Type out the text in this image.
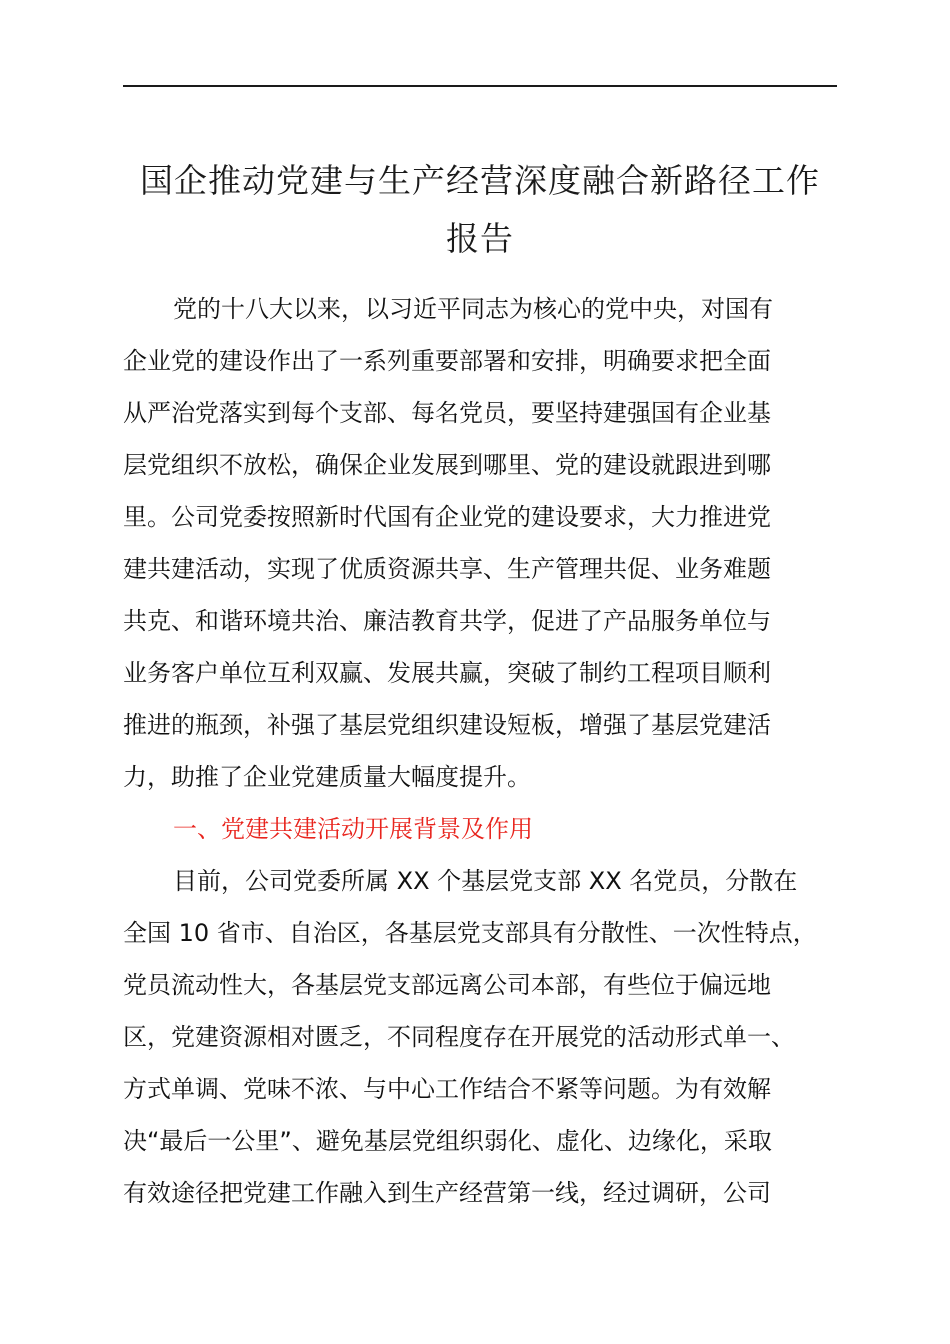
国企推动党建与生产经营深度融合新路径工作
报告
党的十八大以来，以习近平同志为核心的党中央，对国有
企业党的建设作出了一系列重要部署和安排，明确要求把全面
从严治党落实到每个支部、每名党员，要坚持建强国有企业基
层党组织不放松，确保企业发展到哪里、党的建设就跟进到哪
里。公司党委按照新时代国有企业党的建设要求，大力推进党
建共建活动，实现了优质资源共享、生产管理共促、业务难题
共克、和谐环境共治、廉洁教育共学，促进了产品服务单位与
业务客户单位互利双赢、发展共赢，突破了制约工程项目顺利
推进的瓶颈，补强了基层党组织建设短板，增强了基层党建活
力，助推了企业党建质量大幅度提升。
一、党建共建活动开展背景及作用
目前，公司党委所属 XX 个基层党支部 XX 名党员，分散在
全国 10 省市、自治区，各基层党支部具有分散性、一次性特点，
党员流动性大，各基层党支部远离公司本部，有些位于偏远地
区，党建资源相对匮乏，不同程度存在开展党的活动形式单一、
方式单调、党味不浓、与中心工作结合不紧等问题。为有效解
决“最后一公里”、避免基层党组织弱化、虚化、边缘化，采取
有效途径把党建工作融入到生产经营第一线，经过调研，公司
